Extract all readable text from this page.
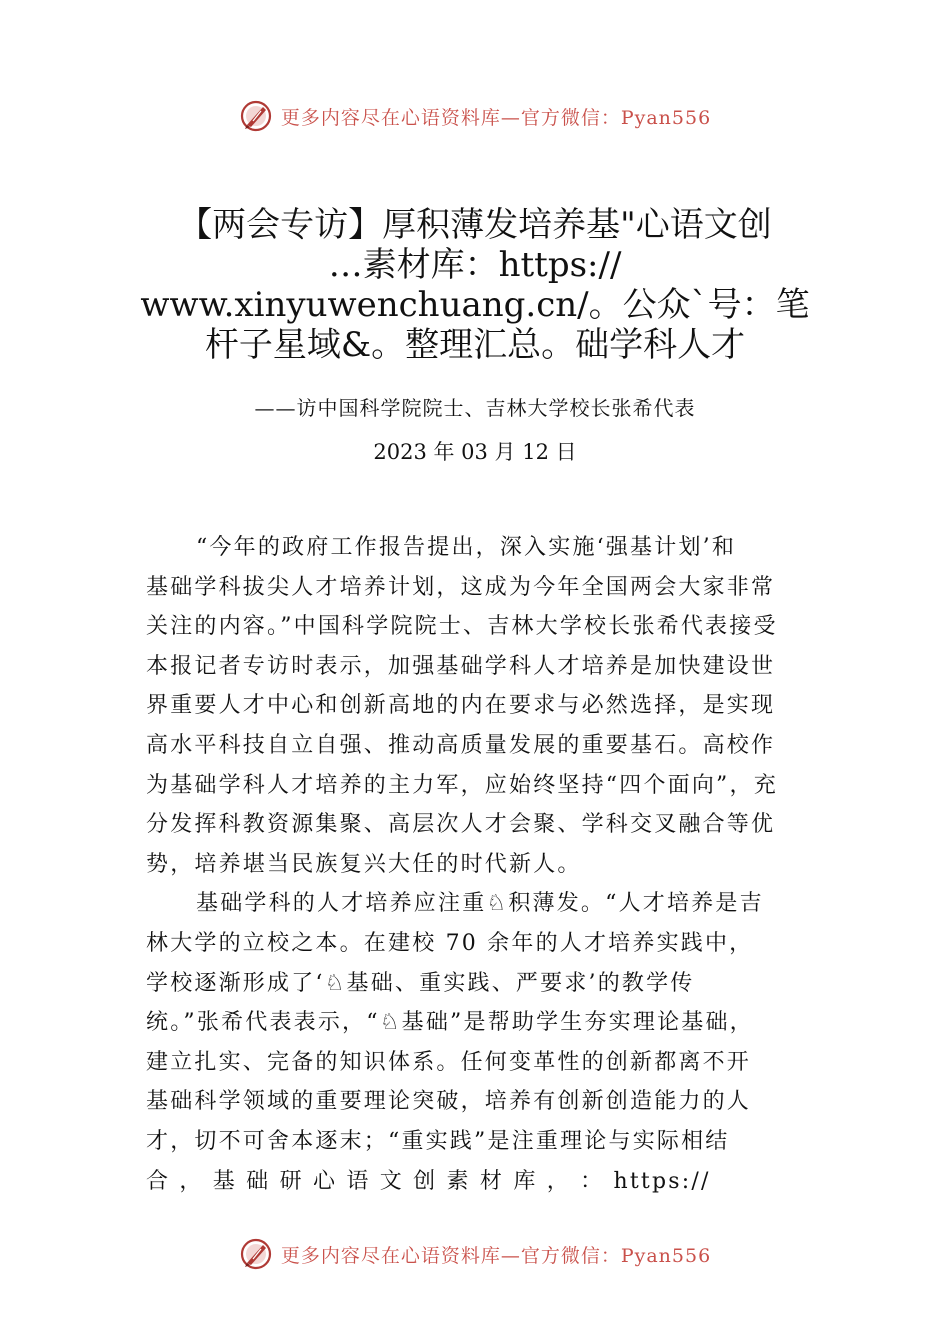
更多内容尽在心语资料库—官方微信：Pyan556
【两会专访】厚积薄发培养基"心语文创
…素材库：https://
www.xinyuwenchuang.cn/。公众`号：笔
杆子星域&。整理汇总。础学科人才
——访中国科学院院士、吉林大学校长张希代表
2023 年 03 月 12 日
“今年的政府工作报告提出，深入实施‘强基计划’和
基础学科拔尖人才培养计划，这成为今年全国两会大家非常
关注的内容。”中国科学院院士、吉林大学校长张希代表接受
本报记者专访时表示，加强基础学科人才培养是加快建设世
界重要人才中心和创新高地的内在要求与必然选择，是实现
高水平科技自立自强、推动高质量发展的重要基石。高校作
为基础学科人才培养的主力军，应始终坚持“四个面向”，充
分发挥科教资源集聚、高层次人才会聚、学科交叉融合等优
势，培养堪当民族复兴大任的时代新人。
基础学科的人才培养应注重♘积薄发。“人才培养是吉
林大学的立校之本。在建校 70 余年的人才培养实践中，
学校逐渐形成了‘♘基础、重实践、严要求’的教学传
统。”张希代表表示，“♘基础”是帮助学生夯实理论基础，
建立扎实、完备的知识体系。任何变革性的创新都离不开
基础科学领域的重要理论突破，培养有创新创造能力的人
才，切不可舍本逐末；“重实践”是注重理论与实际相结
合 ， 基 础 研 心 语 文 创 素 材 库 ， ： https://
更多内容尽在心语资料库—官方微信：Pyan556
